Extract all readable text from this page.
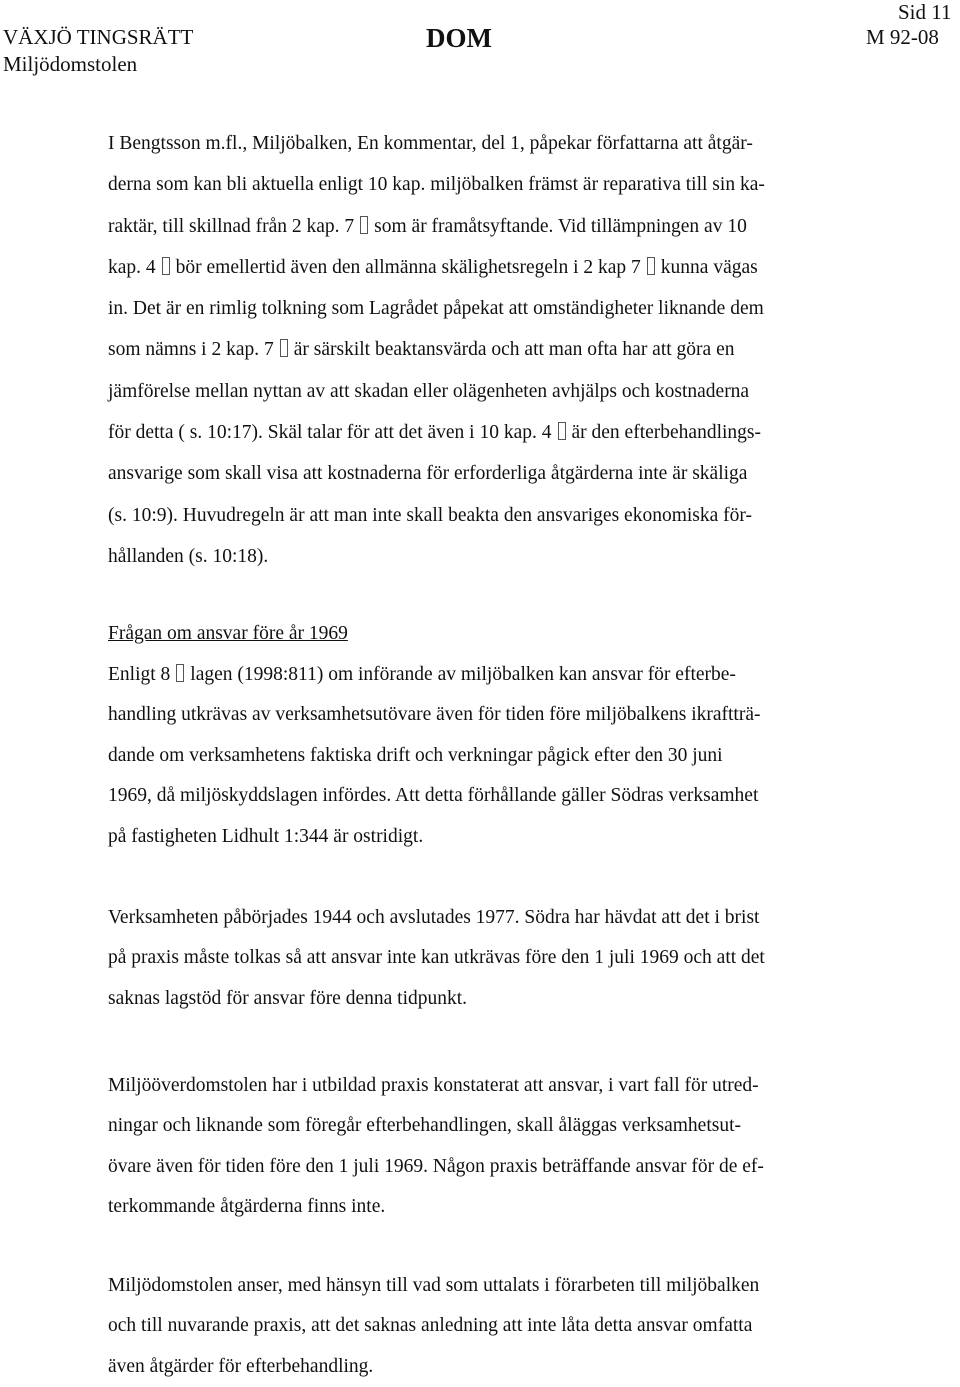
VÄXJÖ TINGSRÄTT
Miljödomstolen
DOM
Sid 11
M 92-08
I Bengtsson m.fl., Miljöbalken, En kommentar, del 1, påpekar författarna att åtgär-
derna som kan bli aktuella enligt 10 kap. miljöbalken främst är reparativa till sin ka-
raktär, till skillnad från 2 kap. 7 som är framåtsyftande. Vid tillämpningen av 10
kap. 4 bör emellertid även den allmänna skälighetsregeln i 2 kap 7 kunna vägas
in. Det är en rimlig tolkning som Lagrådet påpekat att omständigheter liknande dem
som nämns i 2 kap. 7 är särskilt beaktansvärda och att man ofta har att göra en
jämförelse mellan nyttan av att skadan eller olägenheten avhjälps och kostnaderna
för detta ( s. 10:17). Skäl talar för att det även i 10 kap. 4 är den efterbehandlings-
ansvarige som skall visa att kostnaderna för erforderliga åtgärderna inte är skäliga
(s. 10:9). Huvudregeln är att man inte skall beakta den ansvariges ekonomiska för-
hållanden (s. 10:18).
Frågan om ansvar före år 1969
Enligt 8 lagen (1998:811) om införande av miljöbalken kan ansvar för efterbe-
handling utkrävas av verksamhetsutövare även för tiden före miljöbalkens ikraftträ-
dande om verksamhetens faktiska drift och verkningar pågick efter den 30 juni
1969, då miljöskyddslagen infördes. Att detta förhållande gäller Södras verksamhet
på fastigheten Lidhult 1:344 är ostridigt.
Verksamheten påbörjades 1944 och avslutades 1977. Södra har hävdat att det i brist
på praxis måste tolkas så att ansvar inte kan utkrävas före den 1 juli 1969 och att det
saknas lagstöd för ansvar före denna tidpunkt.
Miljööverdomstolen har i utbildad praxis konstaterat att ansvar, i vart fall för utred-
ningar och liknande som föregår efterbehandlingen, skall åläggas verksamhetsut-
övare även för tiden före den 1 juli 1969. Någon praxis beträffande ansvar för de ef-
terkommande åtgärderna finns inte.
Miljödomstolen anser, med hänsyn till vad som uttalats i förarbeten till miljöbalken
och till nuvarande praxis, att det saknas anledning att inte låta detta ansvar omfatta
även åtgärder för efterbehandling.
